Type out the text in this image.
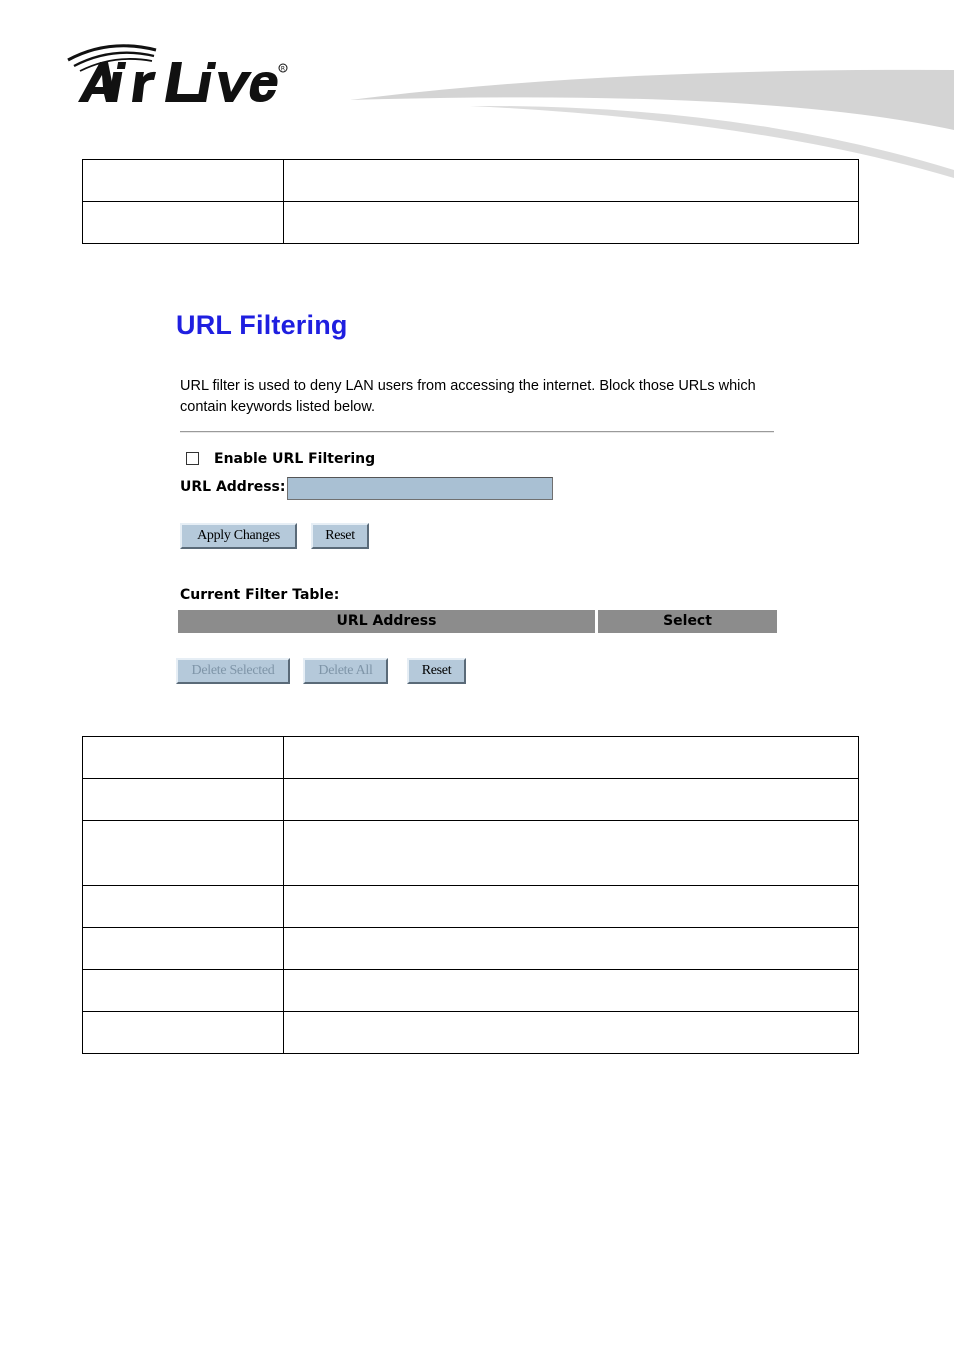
R

URL Filtering
URL filter is used to deny LAN users from accessing the internet. Block those URLs which contain keywords listed below.
Enable URL Filtering
URL Address:
Apply Changes	Reset
Current Filter Table:
URL Address	Select
Delete Selected	Delete All	Reset
